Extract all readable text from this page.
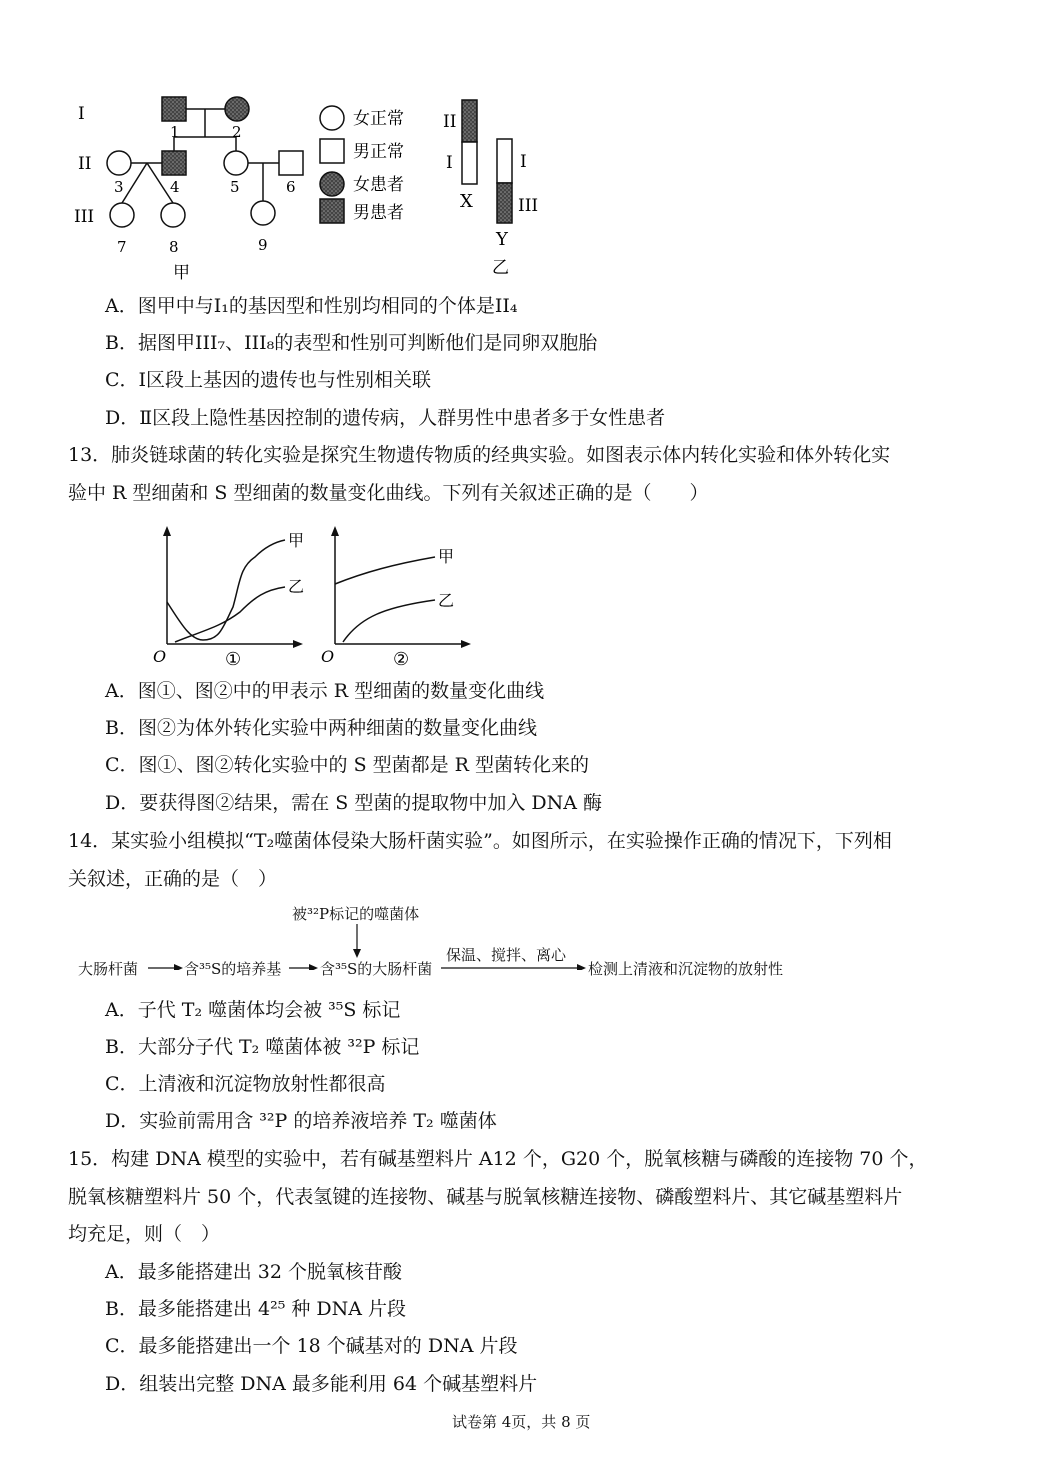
I
II
III
1	2
3	4	5	6
7	8	9
甲
女正常
男正常
女患者
男患者
II
I	I
III
X
Y
乙
A．图甲中与I₁的基因型和性别均相同的个体是II₄
B．据图甲III₇、III₈的表型和性别可判断他们是同卵双胞胎
C．Ⅰ区段上基因的遗传也与性别相关联
D．Ⅱ区段上隐性基因控制的遗传病，人群男性中患者多于女性患者
13．肺炎链球菌的转化实验是探究生物遗传物质的经典实验。如图表示体内转化实验和体外转化实
验中 R 型细菌和 S 型细菌的数量变化曲线。下列有关叙述正确的是（　　）
甲
乙
O	①
甲
乙
O	②
A．图①、图②中的甲表示 R 型细菌的数量变化曲线
B．图②为体外转化实验中两种细菌的数量变化曲线
C．图①、图②转化实验中的 S 型菌都是 R 型菌转化来的
D．要获得图②结果，需在 S 型菌的提取物中加入 DNA 酶
14．某实验小组模拟“T₂噬菌体侵染大肠杆菌实验”。如图所示，在实验操作正确的情况下，下列相
关叙述，正确的是（　）
被³²P标记的噬菌体
大肠杆菌	含³⁵S的培养基	含³⁵S的大肠杆菌
保温、搅拌、离心
检测上清液和沉淀物的放射性
A．子代 T₂ 噬菌体均会被 ³⁵S 标记
B．大部分子代 T₂ 噬菌体被 ³²P 标记
C．上清液和沉淀物放射性都很高
D．实验前需用含 ³²P 的培养液培养 T₂ 噬菌体
15．构建 DNA 模型的实验中，若有碱基塑料片 A12 个，G20 个，脱氧核糖与磷酸的连接物 70 个，
脱氧核糖塑料片 50 个，代表氢键的连接物、碱基与脱氧核糖连接物、磷酸塑料片、其它碱基塑料片
均充足，则（　）
A．最多能搭建出 32 个脱氧核苷酸
B．最多能搭建出 4²⁵ 种 DNA 片段
C．最多能搭建出一个 18 个碱基对的 DNA 片段
D．组装出完整 DNA 最多能利用 64 个碱基塑料片
试卷第 4页，共 8 页
